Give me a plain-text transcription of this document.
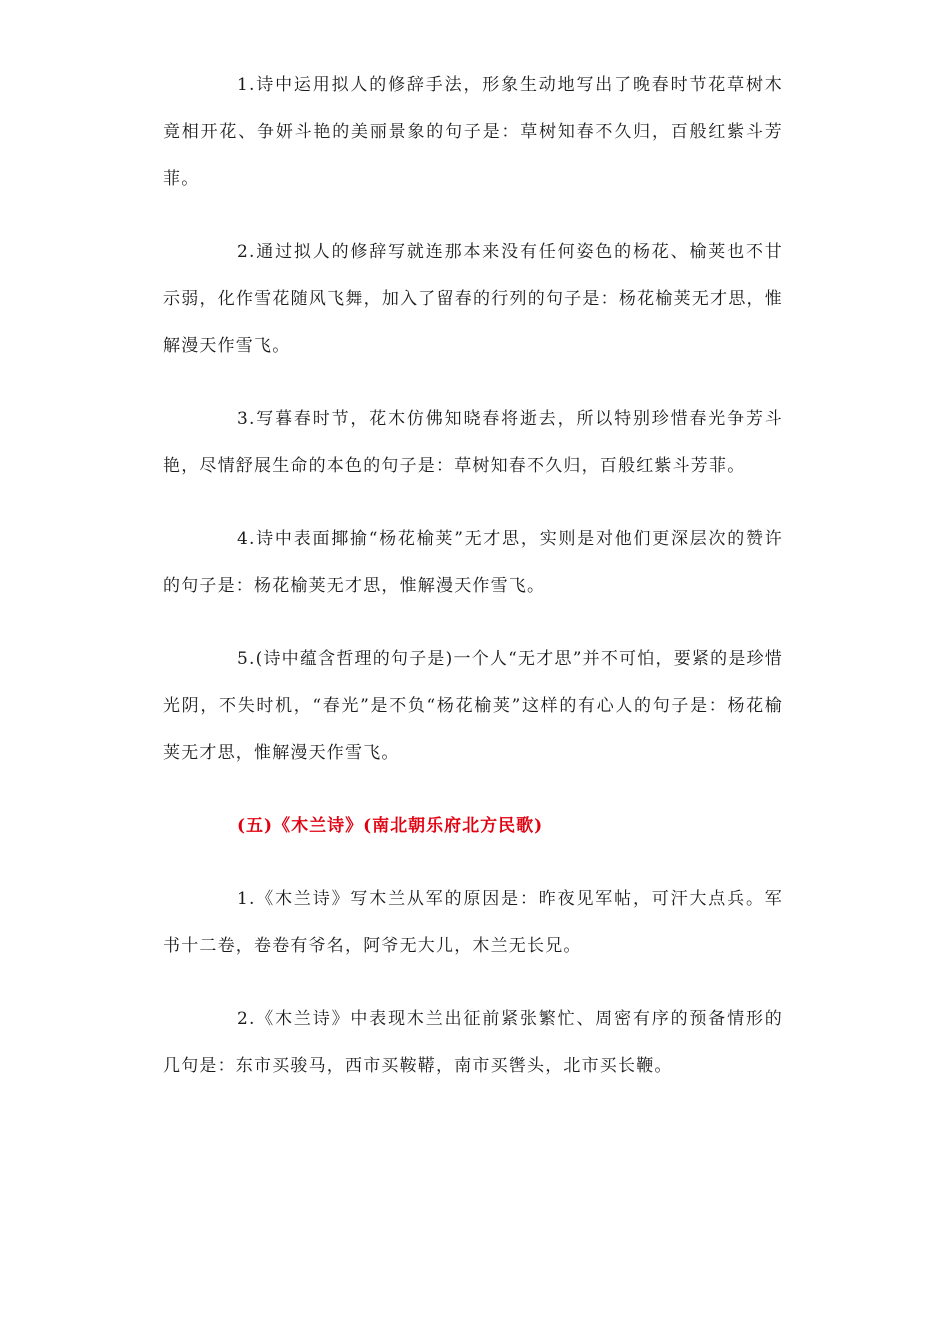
1.诗中运用拟人的修辞手法，形象生动地写出了晚春时节花草树木竟相开花、争妍斗艳的美丽景象的句子是：草树知春不久归，百般红紫斗芳菲。

2.通过拟人的修辞写就连那本来没有任何姿色的杨花、榆荚也不甘示弱，化作雪花随风飞舞，加入了留春的行列的句子是：杨花榆荚无才思，惟解漫天作雪飞。

3.写暮春时节，花木仿佛知晓春将逝去，所以特别珍惜春光争芳斗艳，尽情舒展生命的本色的句子是：草树知春不久归，百般红紫斗芳菲。

4.诗中表面揶揄“杨花榆荚”无才思，实则是对他们更深层次的赞许的句子是：杨花榆荚无才思，惟解漫天作雪飞。

5.(诗中蕴含哲理的句子是)一个人“无才思”并不可怕，要紧的是珍惜光阴，不失时机，“春光”是不负“杨花榆荚”这样的有心人的句子是：杨花榆荚无才思，惟解漫天作雪飞。

(五)《木兰诗》(南北朝乐府北方民歌)

1.《木兰诗》写木兰从军的原因是：昨夜见军帖，可汗大点兵。军书十二卷，卷卷有爷名，阿爷无大儿，木兰无长兄。

2.《木兰诗》中表现木兰出征前紧张繁忙、周密有序的预备情形的几句是：东市买骏马，西市买鞍鞯，南市买辔头，北市买长鞭。
